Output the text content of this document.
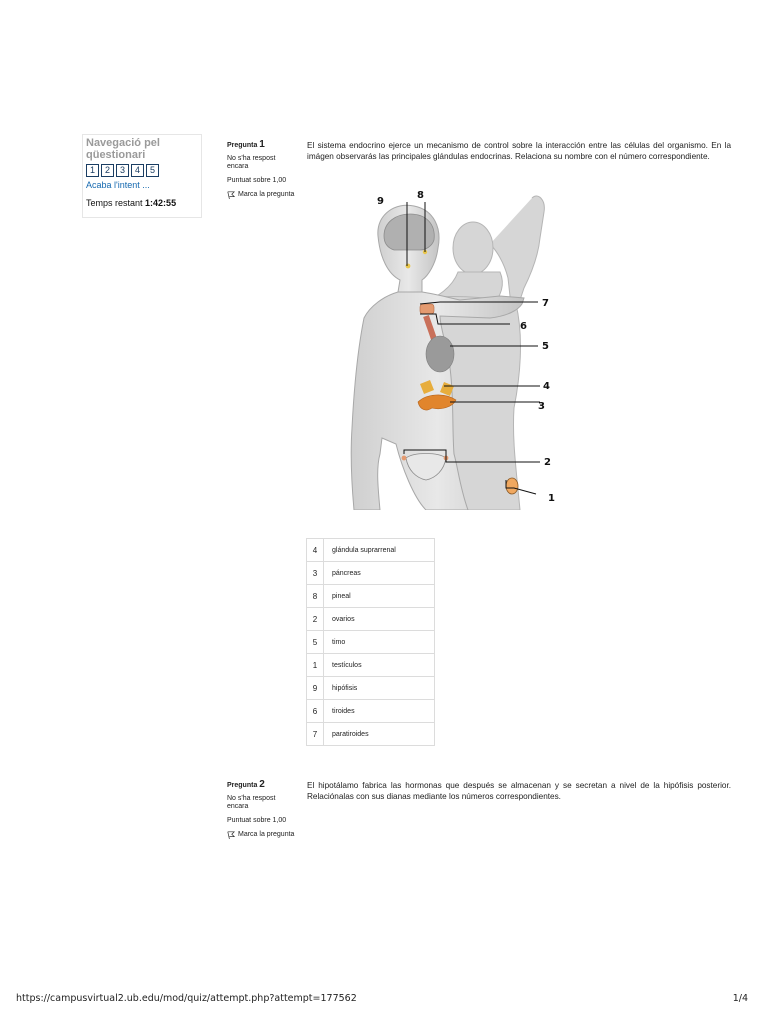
Navegació pel qüestionari
1	2	3	4	5
Acaba l'intent ...
Temps restant 1:42:55
Pregunta 1
No s'ha respost encara
Puntuat sobre 1,00
Marca la pregunta
El sistema endocrino ejerce un mecanismo de control sobre la interacción entre las células del organismo. En la imágen observarás las principales glándulas endocrinas. Relaciona su nombre con el número correspondiente.
9
8
7
6
5
4
3
2
1
4	glándula suprarrenal
3	páncreas
8	pineal
2	ovarios
5	timo
1	testículos
9	hipófisis
6	tiroides
7	paratiroides
Pregunta 2
No s'ha respost encara
Puntuat sobre 1,00
Marca la pregunta
El hipotálamo fabrica las hormonas que después se almacenan y se secretan a nivel de la hipófisis posterior. Relaciónalas con sus dianas mediante los números correspondientes.
https://campusvirtual2.ub.edu/mod/quiz/attempt.php?attempt=177562	1/4
